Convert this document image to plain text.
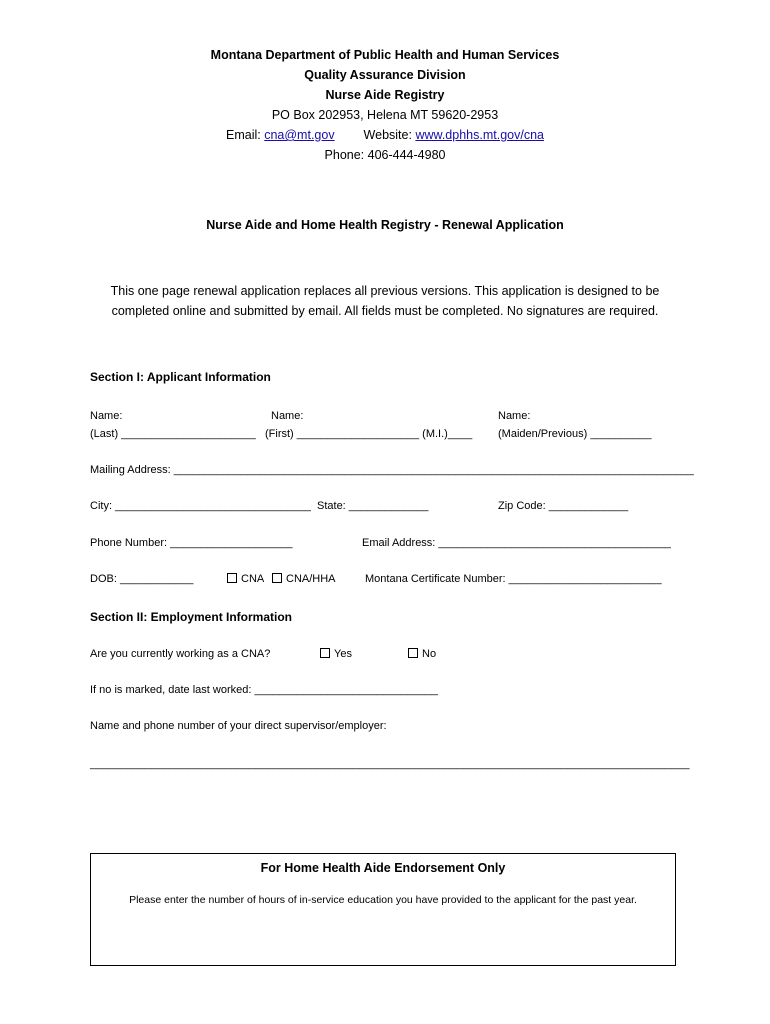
Montana Department of Public Health and Human Services
Quality Assurance Division
Nurse Aide Registry
PO Box 202953, Helena MT 59620-2953
Email: cna@mt.gov Website: www.dphhs.mt.gov/cna
Phone: 406-444-4980
Nurse Aide and Home Health Registry - Renewal Application
This one page renewal application replaces all previous versions. This application is designed to be
completed online and submitted by email. All fields must be completed. No signatures are required.
Section I: Applicant Information
Name:
(Last) ______________________
Name:
(First) ____________________ (M.I.)____
Name:
(Maiden/Previous) __________
Mailing Address: _____________________________________________________________________________________
City: ________________________________ State: _____________	Zip Code: _____________
Phone Number: ____________________	Email Address: ______________________________________
DOB: ____________	CNA	CNA/HHA	Montana Certificate Number: _________________________
Section II: Employment Information
Are you currently working as a CNA?	Yes	No
If no is marked, date last worked: ______________________________
Name and phone number of your direct supervisor/employer:
__________________________________________________________________________________________________
For Home Health Aide Endorsement Only
Please enter the number of hours of in-service education you have provided to the applicant for the past year.
